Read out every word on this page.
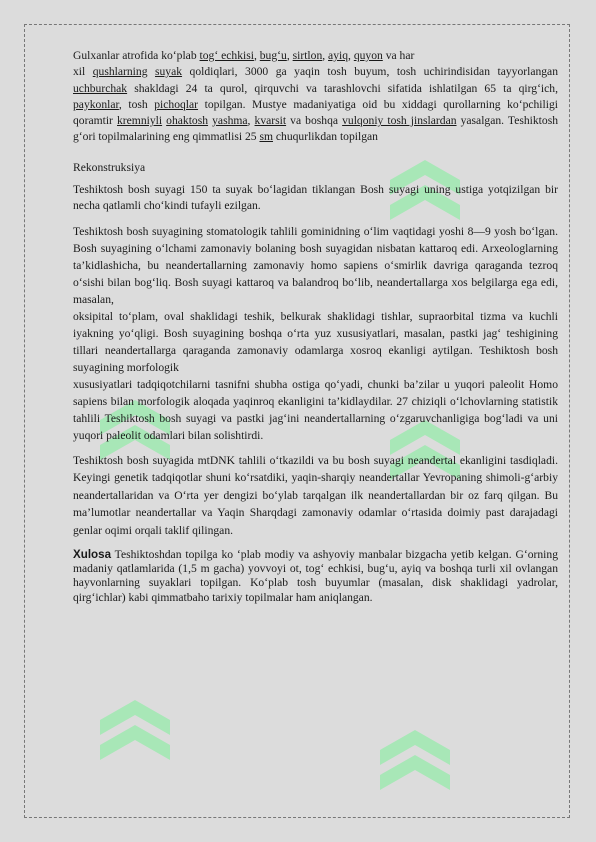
Gulxanlar atrofida ko‘plab tog‘ echkisi, bug‘u, sirtlon, ayiq, quyon va har

xil qushlarning suyak qoldiqlari, 3000 ga yaqin tosh buyum, tosh uchirindisidan tayyorlangan uchburchak shakldagi 24 ta qurol, qirquvchi va tarashlovchi sifatida ishlatilgan 65 ta qirg‘ich, paykonlar, tosh pichoqlar topilgan. Mustye madaniyatiga oid bu xiddagi qurollarning ko‘pchiligi qoramtir kremniyli ohaktosh yashma, kvarsit va boshqa vulqoniy tosh jinslardan yasalgan. Teshiktosh g‘ori topilmalarining eng qimmatlisi 25 sm chuqurlikdan topilgan

Rekonstruksiya

Teshiktosh bosh suyagi 150 ta suyak bo‘lagidan tiklangan Bosh suyagi uning ustiga yotqizilgan bir necha qatlamli cho‘kindi tufayli ezilgan.

Teshiktosh bosh suyagining stomatologik tahlili gominidning o‘lim vaqtidagi yoshi 8—9 yosh bo‘lgan. Bosh suyagining o‘lchami zamonaviy bolaning bosh suyagidan nisbatan kattaroq edi. Arxeologlarning ta’kidlashicha, bu neandertallarning zamonaviy homo sapiens o‘smirlik davriga qaraganda tezroq o‘sishi bilan bog‘liq. Bosh suyagi kattaroq va balandroq bo‘lib, neandertallarga xos belgilarga ega edi, masalan,

oksipital to‘plam, oval shaklidagi teshik, belkurak shaklidagi tishlar, supraorbital tizma va kuchli iyakning yo‘qligi. Bosh suyagining boshqa o‘rta yuz xususiyatlari, masalan, pastki jag‘ teshigining tillari neandertallarga qaraganda zamonaviy odamlarga xosroq ekanligi aytilgan. Teshiktosh bosh suyagining morfologik

xususiyatlari tadqiqotchilarni tasnifni shubha ostiga qo‘yadi, chunki ba’zilar u yuqori paleolit Homo sapiens bilan morfologik aloqada yaqinroq ekanligini ta’kidlaydilar. 27 chiziqli o‘lchovlarning statistik tahlili Teshiktosh bosh suyagi va pastki jag‘ini neandertallarning o‘zgaruvchanligiga bog‘ladi va uni yuqori paleolit odamlari bilan solishtirdi.

Teshiktosh bosh suyagida mtDNK tahlili o‘tkazildi va bu bosh suyagi neandertal ekanligini tasdiqladi. Keyingi genetik tadqiqotlar shuni ko‘rsatdiki, yaqin-sharqiy neandertallar Yevropaning shimoli-g‘arbiy neandertallaridan va O‘rta yer dengizi bo‘ylab tarqalgan ilk neandertallardan bir oz farq qilgan. Bu ma’lumotlar neandertallar va Yaqin Sharqdagi zamonaviy odamlar o‘rtasida doimiy past darajadagi genlar oqimi orqali taklif qilingan.

Xulosa Teshiktoshdan topilga ko ‘plab modiy va ashyoviy manbalar bizgacha yetib kelgan. G‘orning madaniy qatlamlarida (1,5 m gacha) yovvoyi ot, tog‘ echkisi, bug‘u, ayiq va boshqa turli xil ovlangan hayvonlarning suyaklari topilgan. Ko‘plab tosh buyumlar (masalan, disk shaklidagi yadrolar, qirg‘ichlar) kabi qimmatbaho tarixiy topilmalar ham aniqlangan.
